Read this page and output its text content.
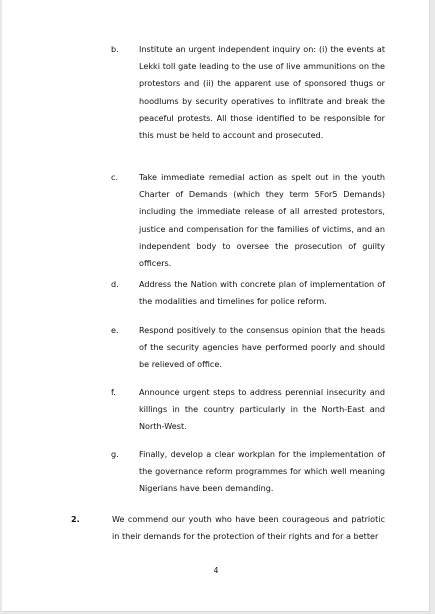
b.	Institute an urgent independent inquiry on: (i) the events at Lekki toll gate leading to the use of live ammunitions on the protestors and (ii) the apparent use of sponsored thugs or hoodlums by security operatives to infiltrate and break the peaceful protests. All those identified to be responsible for this must be held to account and prosecuted.
c.	Take immediate remedial action as spelt out in the youth Charter of Demands (which they term 5For5 Demands) including the immediate release of all arrested protestors, justice and compensation for the families of victims, and an independent body to oversee the prosecution of guilty officers.
d.	Address the Nation with concrete plan of implementation of the modalities and timelines for police reform.
e.	Respond positively to the consensus opinion that the heads of the security agencies have performed poorly and should be relieved of office.
f.	Announce urgent steps to address perennial insecurity and killings in the country particularly in the North-East and North-West.
g.	Finally, develop a clear workplan for the implementation of the governance reform programmes for which well meaning Nigerians have been demanding.
2.	We commend our youth who have been courageous and patriotic in their demands for the protection of their rights and for a better
4
